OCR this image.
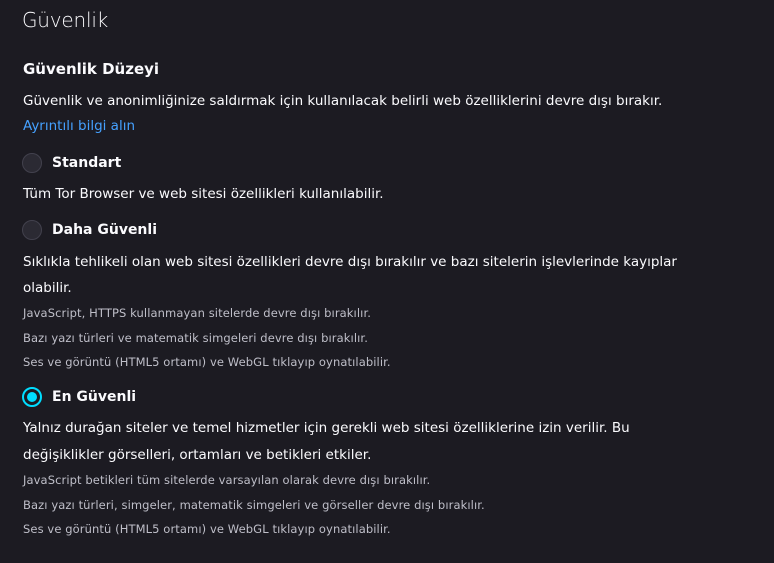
Güvenlik
Güvenlik Düzeyi
Güvenlik ve anonimliğinize saldırmak için kullanılacak belirli web özelliklerini devre dışı bırakır.
Ayrıntılı bilgi alın
Standart
Tüm Tor Browser ve web sitesi özellikleri kullanılabilir.
Daha Güvenli
Sıklıkla tehlikeli olan web sitesi özellikleri devre dışı bırakılır ve bazı sitelerin işlevlerinde kayıplar
olabilir.
JavaScript, HTTPS kullanmayan sitelerde devre dışı bırakılır.
Bazı yazı türleri ve matematik simgeleri devre dışı bırakılır.
Ses ve görüntü (HTML5 ortamı) ve WebGL tıklayıp oynatılabilir.
En Güvenli
Yalnız durağan siteler ve temel hizmetler için gerekli web sitesi özelliklerine izin verilir. Bu
değişiklikler görselleri, ortamları ve betikleri etkiler.
JavaScript betikleri tüm sitelerde varsayılan olarak devre dışı bırakılır.
Bazı yazı türleri, simgeler, matematik simgeleri ve görseller devre dışı bırakılır.
Ses ve görüntü (HTML5 ortamı) ve WebGL tıklayıp oynatılabilir.
